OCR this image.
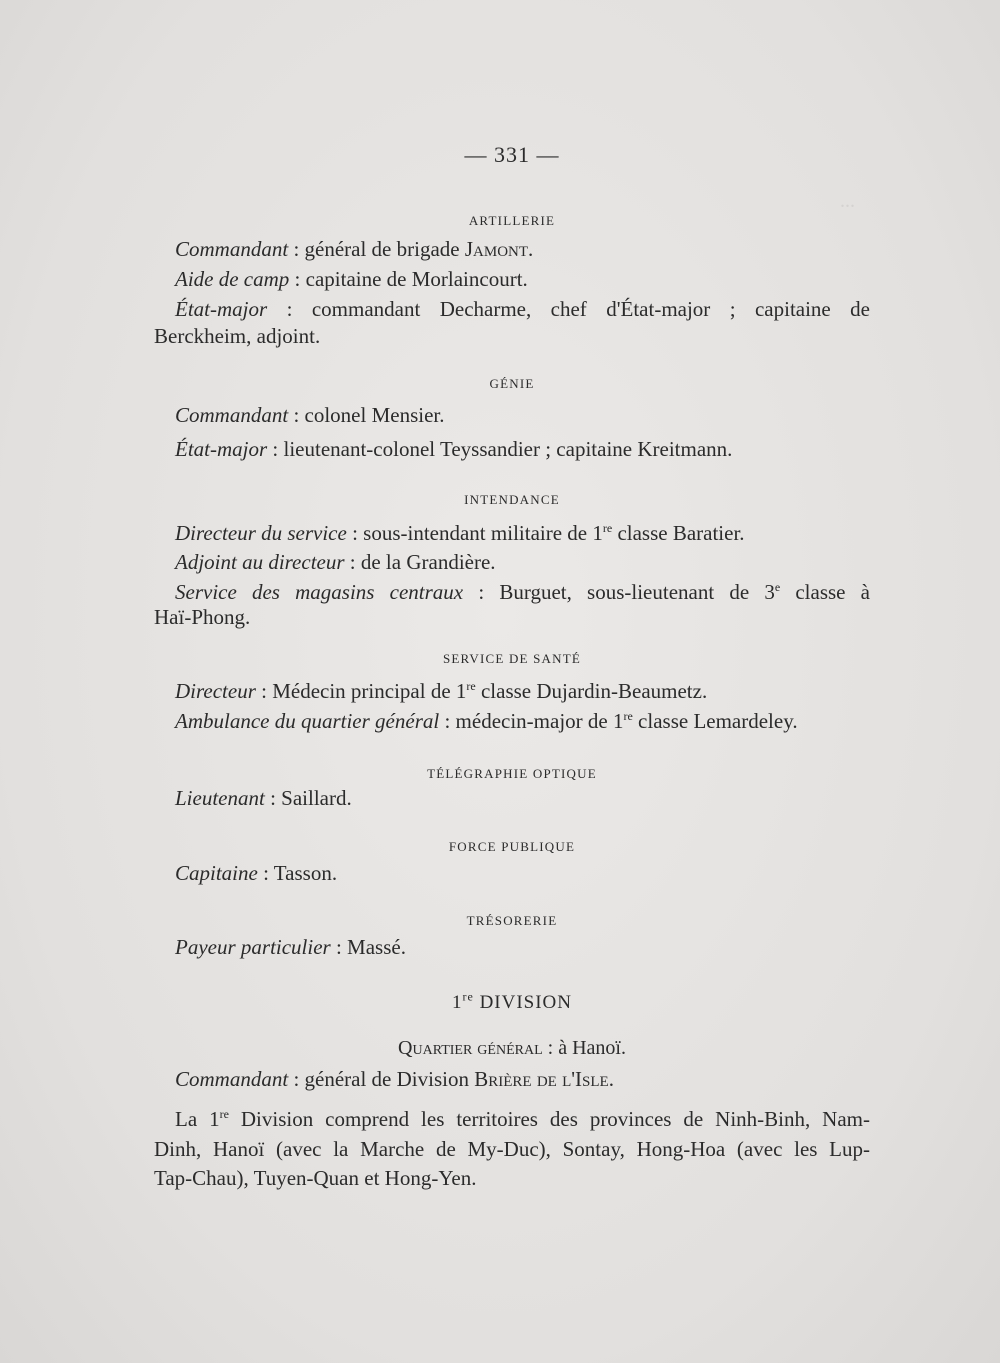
...
— 331 —
ARTILLERIE
Commandant : général de brigade Jamont.
Aide de camp : capitaine de Morlaincourt.
État-major : commandant Decharme, chef d'État-major ; capitaine de
Berckheim, adjoint.
GÉNIE
Commandant : colonel Mensier.
État-major : lieutenant-colonel Teyssandier ; capitaine Kreitmann.
INTENDANCE
Directeur du service : sous-intendant militaire de 1re classe Baratier.
Adjoint au directeur : de la Grandière.
Service des magasins centraux : Burguet, sous-lieutenant de 3e classe à
Haï-Phong.
SERVICE DE SANTÉ
Directeur : Médecin principal de 1re classe Dujardin-Beaumetz.
Ambulance du quartier général : médecin-major de 1re classe Lemardeley.
TÉLÉGRAPHIE OPTIQUE
Lieutenant : Saillard.
FORCE PUBLIQUE
Capitaine : Tasson.
TRÉSORERIE
Payeur particulier : Massé.
1re DIVISION
Quartier général : à Hanoï.
Commandant : général de Division Brière de l'Isle.
La 1re Division comprend les territoires des provinces de Ninh-Binh, Nam-
Dinh, Hanoï (avec la Marche de My-Duc), Sontay, Hong-Hoa (avec les Lup-
Tap-Chau), Tuyen-Quan et Hong-Yen.
